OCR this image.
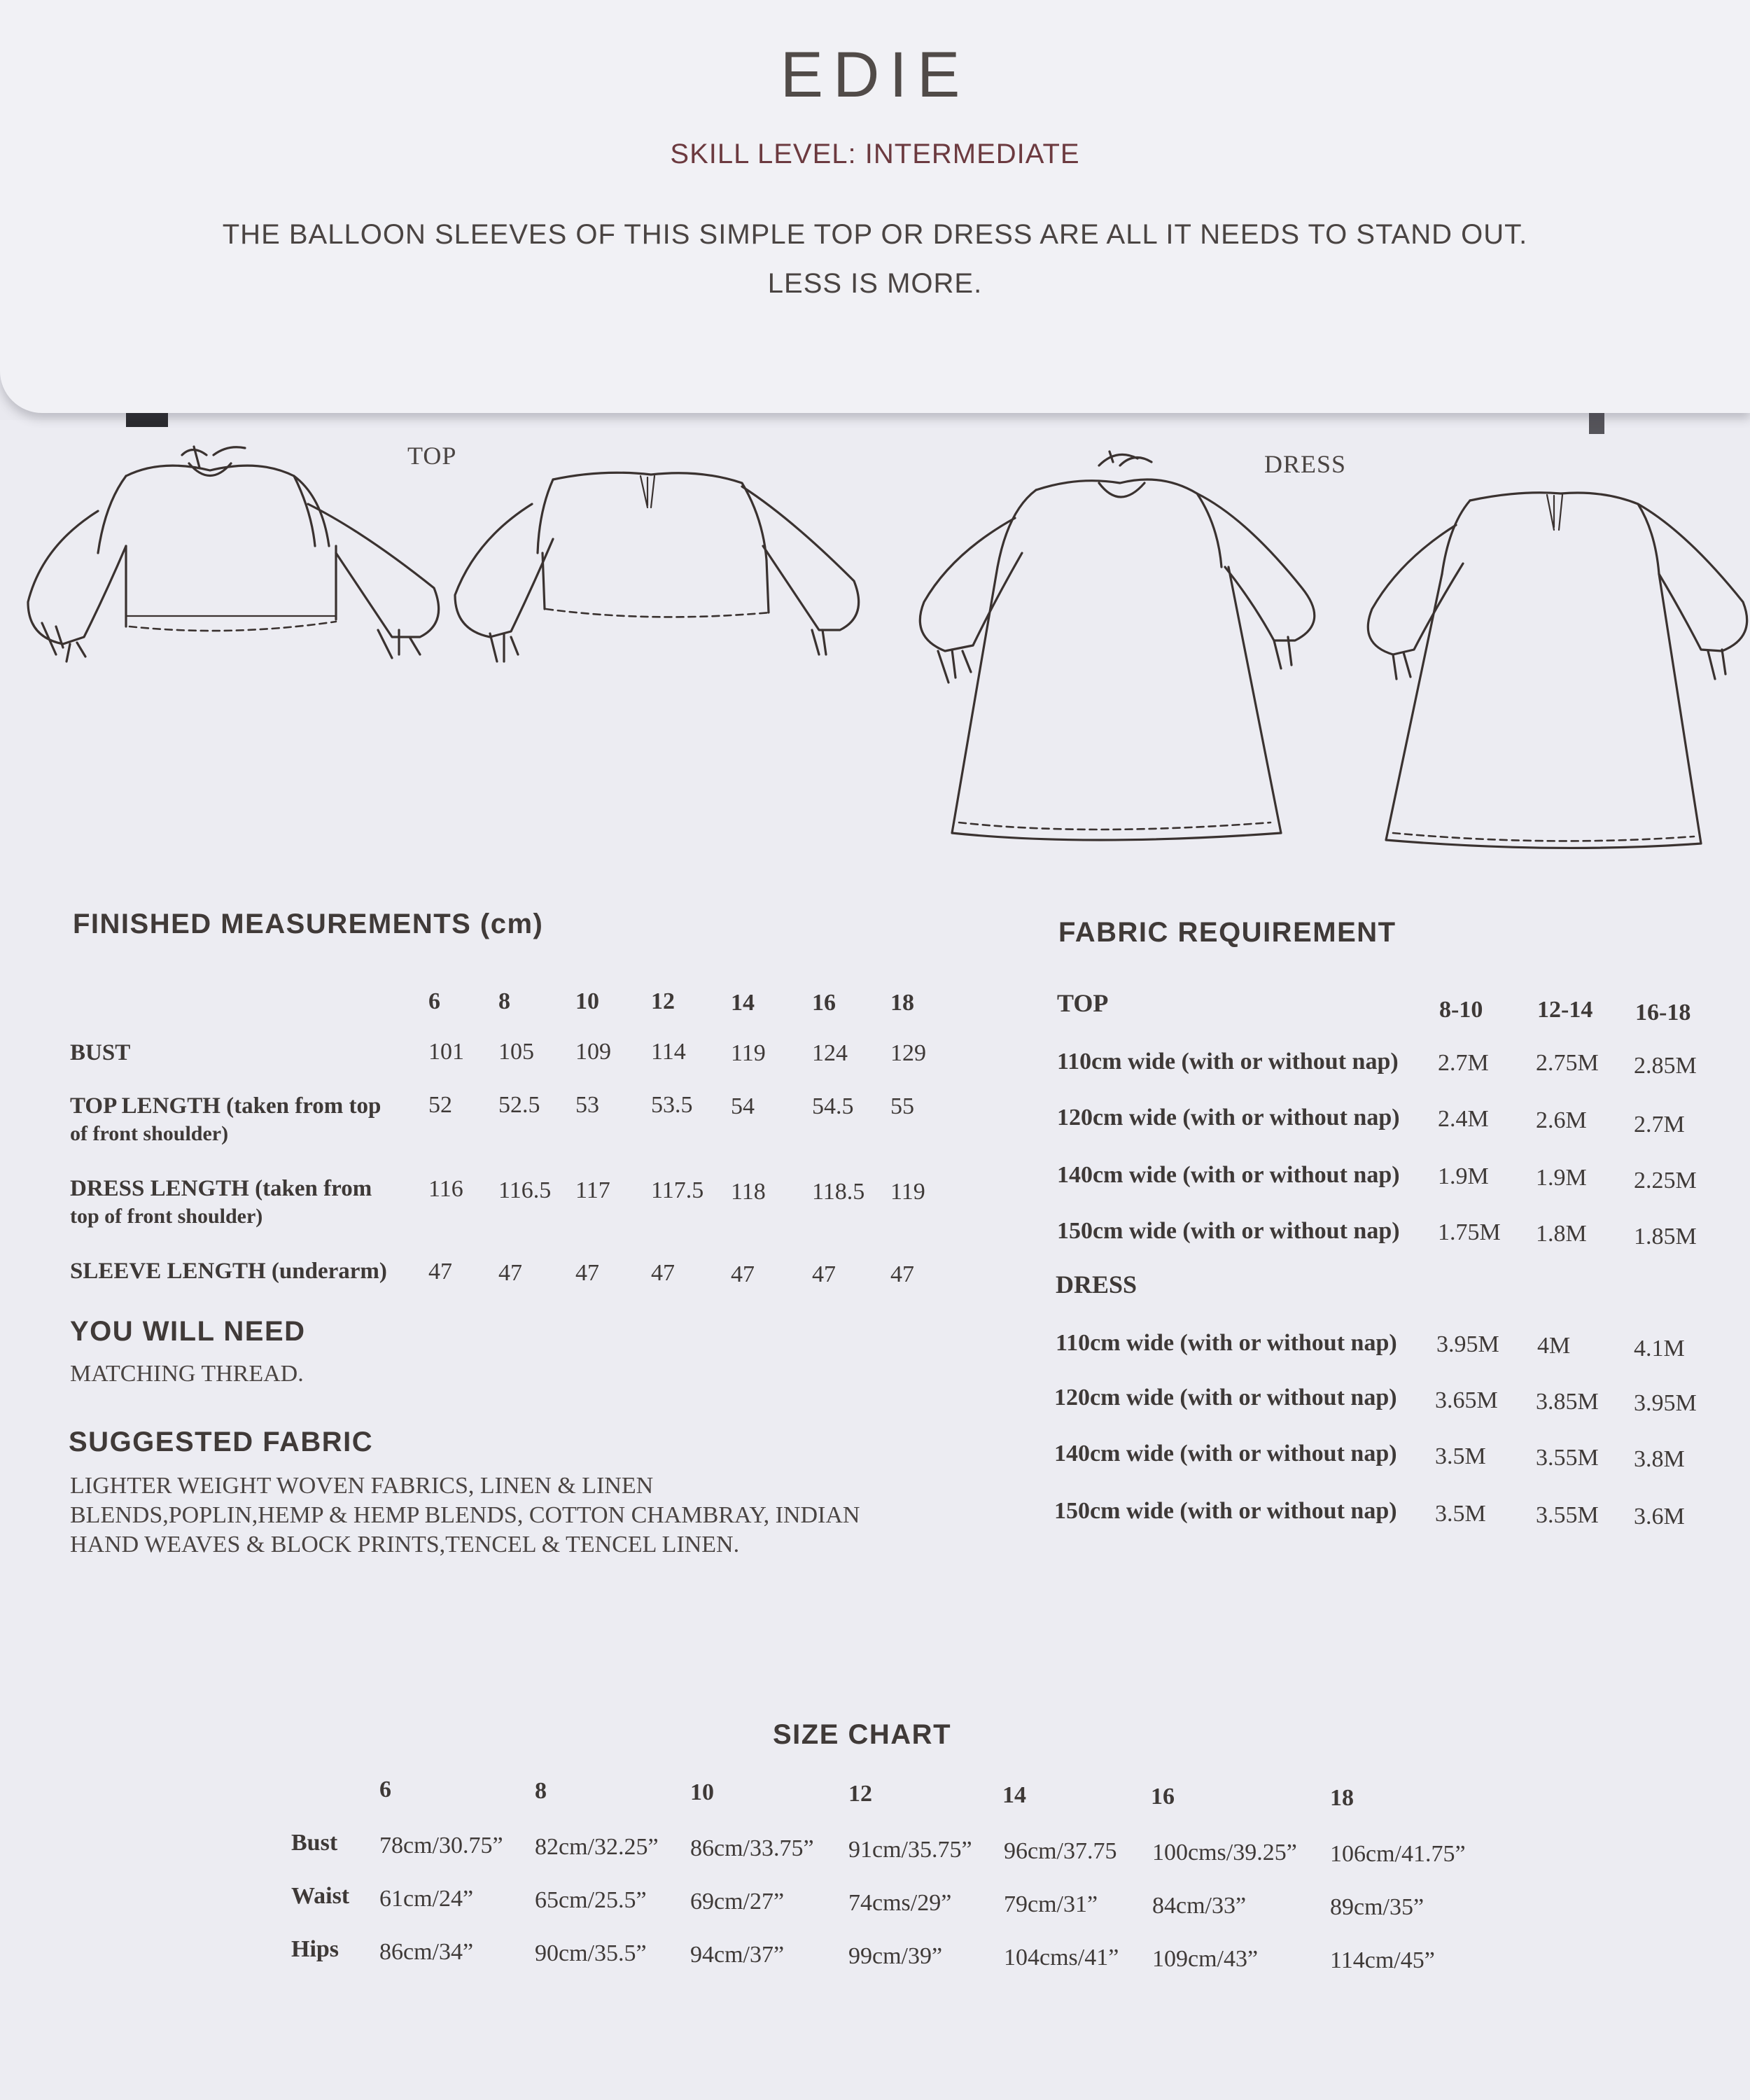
EDIE
SKILL LEVEL: INTERMEDIATE
THE BALLOON SLEEVES OF THIS SIMPLE TOP OR DRESS ARE ALL IT NEEDS TO STAND OUT.
LESS IS MORE.
TOP	DRESS
FINISHED MEASUREMENTS (cm)
6 8	10 12 14 16 18
BUST	101 105 109 114 119 124 129
TOP LENGTH (taken from top
of front shoulder)
52 52.5 53 53.5 54 54.5 55
DRESS LENGTH (taken from
top of front shoulder)
116 116.5 117 117.5 118 118.5 119
SLEEVE LENGTH (underarm) 47 47 47 47 47 47 47
YOU WILL NEED
MATCHING THREAD.
SUGGESTED FABRIC
LIGHTER WEIGHT WOVEN FABRICS, LINEN & LINEN
BLENDS,POPLIN,HEMP & HEMP BLENDS, COTTON CHAMBRAY, INDIAN
HAND WEAVES & BLOCK PRINTS,TENCEL & TENCEL LINEN.
FABRIC REQUIREMENT
TOP	8-10 12-14 16-18
110cm wide (with or without nap) 2.7M 2.75M 2.85M
120cm wide (with or without nap) 2.4M 2.6M 2.7M
140cm wide (with or without nap) 1.9M 1.9M 2.25M
150cm wide (with or without nap) 1.75M 1.8M 1.85M
DRESS
110cm wide (with or without nap) 3.95M 4M	4.1M
120cm wide (with or without nap) 3.65M 3.85M 3.95M
140cm wide (with or without nap) 3.5M 3.55M 3.8M
150cm wide (with or without nap) 3.5M 3.55M 3.6M
SIZE CHART
6	8	10	12	14	16	18
Bust 78cm/30.75” 82cm/32.25” 86cm/33.75” 91cm/35.75” 96cm/37.75 100cms/39.25” 106cm/41.75”
Waist 61cm/24”	65cm/25.5” 69cm/27”	74cms/29” 79cm/31” 84cm/33”	89cm/35”
Hips 86cm/34”	90cm/35.5” 94cm/37”	99cm/39”	104cms/41” 109cm/43”	114cm/45”
